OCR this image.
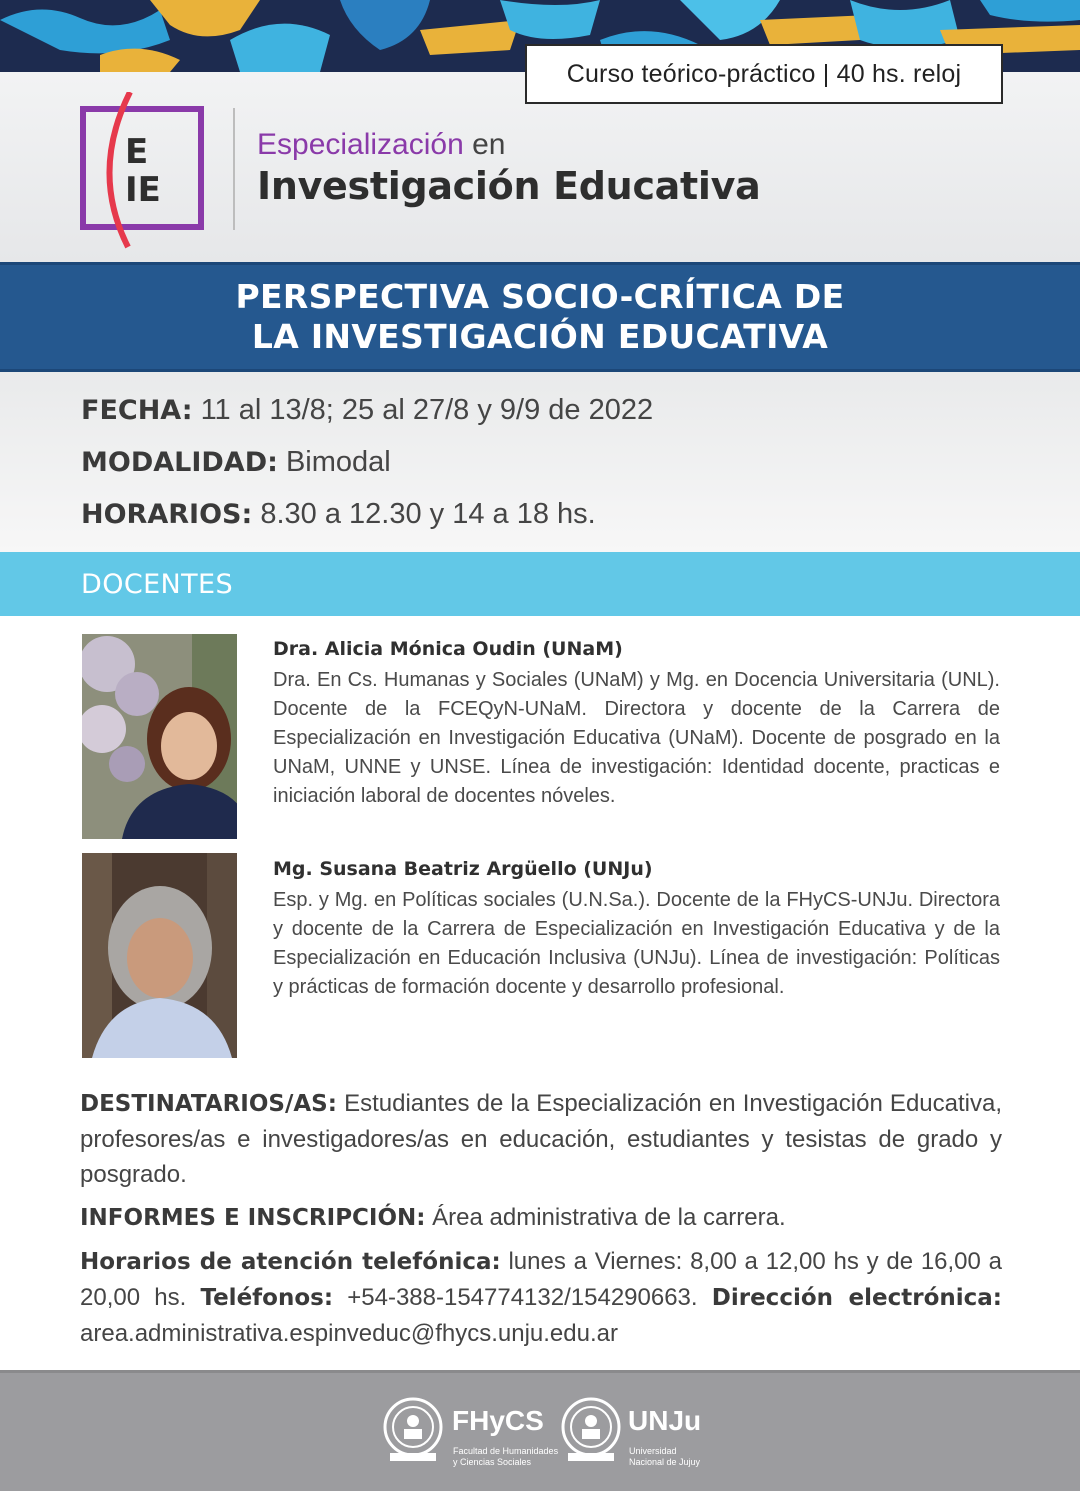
Curso teórico-práctico | 40 hs. reloj
E
IE
Especialización en
Investigación Educativa
PERSPECTIVA SOCIO-CRÍTICA DE
LA INVESTIGACIÓN EDUCATIVA
FECHA: 11 al 13/8; 25 al 27/8 y 9/9 de 2022
MODALIDAD: Bimodal
HORARIOS: 8.30 a 12.30 y 14 a 18 hs.
DOCENTES
Dra. Alicia Mónica Oudin (UNaM)
Dra. En Cs. Humanas y Sociales (UNaM) y Mg. en Docencia Universitaria (UNL). Docente de la FCEQyN-UNaM. Directora y docente de la Carrera de Especialización en Investigación Educativa (UNaM). Docente de posgrado en la UNaM, UNNE y UNSE. Línea de investigación: Identidad docente, practicas e iniciación laboral de docentes nóveles.
Mg. Susana Beatriz Argüello (UNJu)
Esp. y Mg. en Políticas sociales (U.N.Sa.). Docente de la FHyCS-UNJu. Directora y docente de la Carrera de Especialización en Investigación Educativa y de la Especialización en Educación Inclusiva (UNJu). Línea de investigación: Políticas y prácticas de formación docente y desarrollo profesional.
DESTINATARIOS/AS: Estudiantes de la Especialización en Investigación Educativa, profesores/as e investigadores/as en educación, estudiantes y tesistas de grado y posgrado.
INFORMES E INSCRIPCIÓN: Área administrativa de la carrera.
Horarios de atención telefónica: lunes a Viernes: 8,00 a 12,00 hs y de 16,00 a 20,00 hs. Teléfonos: +54-388-154774132/154290663. Dirección electrónica: area.administrativa.espinveduc@fhycs.unju.edu.ar
FHyCS
Facultad de Humanidades
y Ciencias Sociales
UNJu
Universidad
Nacional de Jujuy
